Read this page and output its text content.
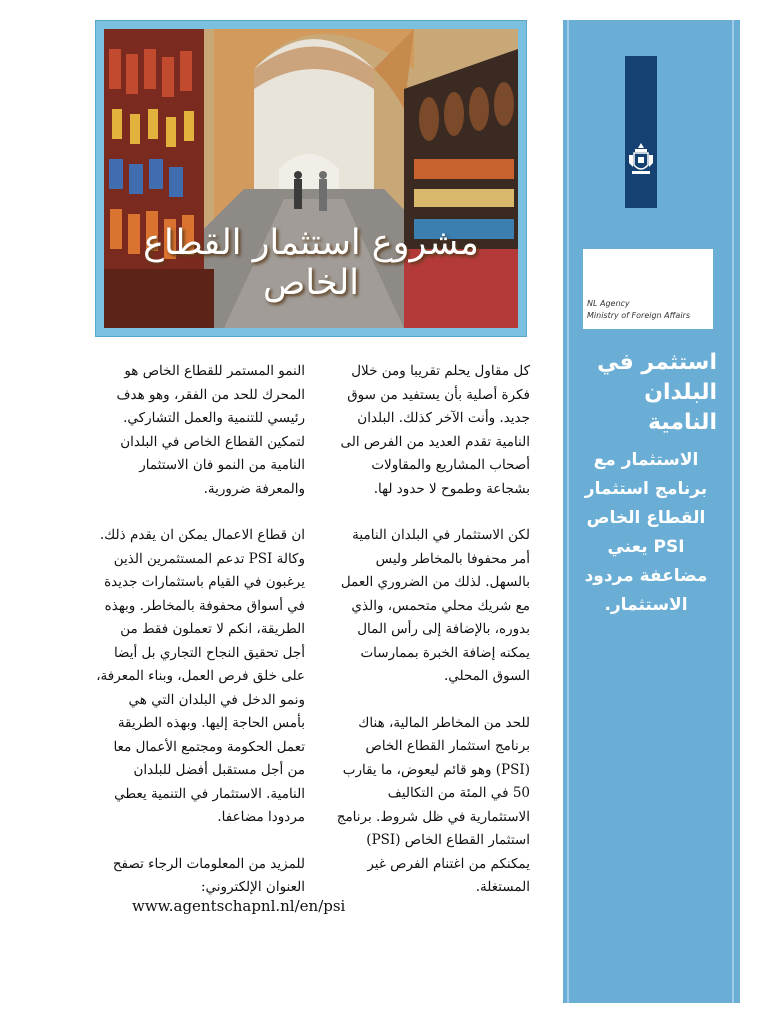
مشروع استثمار القطاع الخاص
NL Agency
Ministry of Foreign Affairs
استثمر في البلدان النامية
الاستثمار مع برنامج استثمار القطاع الخاص PSI يعني مضاعفة مردود الاستثمار.

كل مقاول يحلم تقريبا ومن خلال فكرة أصلية بأن يستفيد من سوق جديد. وأنت الآخر كذلك. البلدان النامية تقدم العديد من الفرص الى أصحاب المشاريع والمقاولات بشجاعة وطموح لا حدود لها.

لكن الاستثمار في البلدان النامية أمر محفوفا بالمخاطر وليس بالسهل. لذلك من الضروري العمل مع شريك محلي متحمس، والذي بدوره، بالإضافة إلى رأس المال يمكنه إضافة الخبرة بممارسات السوق المحلي.

للحد من المخاطر المالية، هناك برنامج استثمار القطاع الخاص (PSI) وهو قائم ليعوض، ما يقارب 50 في المئة من التكاليف الاستثمارية في ظل شروط. برنامج استثمار القطاع الخاص (PSI) يمكنكم من اغتنام الفرص غير المستغلة.

النمو المستمر للقطاع الخاص هو المحرك للحد من الفقر، وهو هدف رئيسي للتنمية والعمل التشاركي. لتمكين القطاع الخاص في البلدان النامية من النمو فان الاستثمار والمعرفة ضرورية.

ان قطاع الاعمال يمكن ان يقدم ذلك. وكالة PSI تدعم المستثمرين الذين يرغبون في القيام باستثمارات جديدة في أسواق محفوفة بالمخاطر. وبهذه الطريقة، انكم لا تعملون فقط من أجل تحقيق النجاح التجاري بل أيضا على خلق فرص العمل، وبناء المعرفة، ونمو الدخل في البلدان التي هي بأمس الحاجة إليها. وبهذه الطريقة تعمل الحكومة ومجتمع الأعمال معا من أجل مستقبل أفضل للبلدان النامية. الاستثمار في التنمية يعطي مردودا مضاعفا.

للمزيد من المعلومات الرجاء تصفح العنوان الإلكتروني:

www.agentschapnl.nl/en/psi
